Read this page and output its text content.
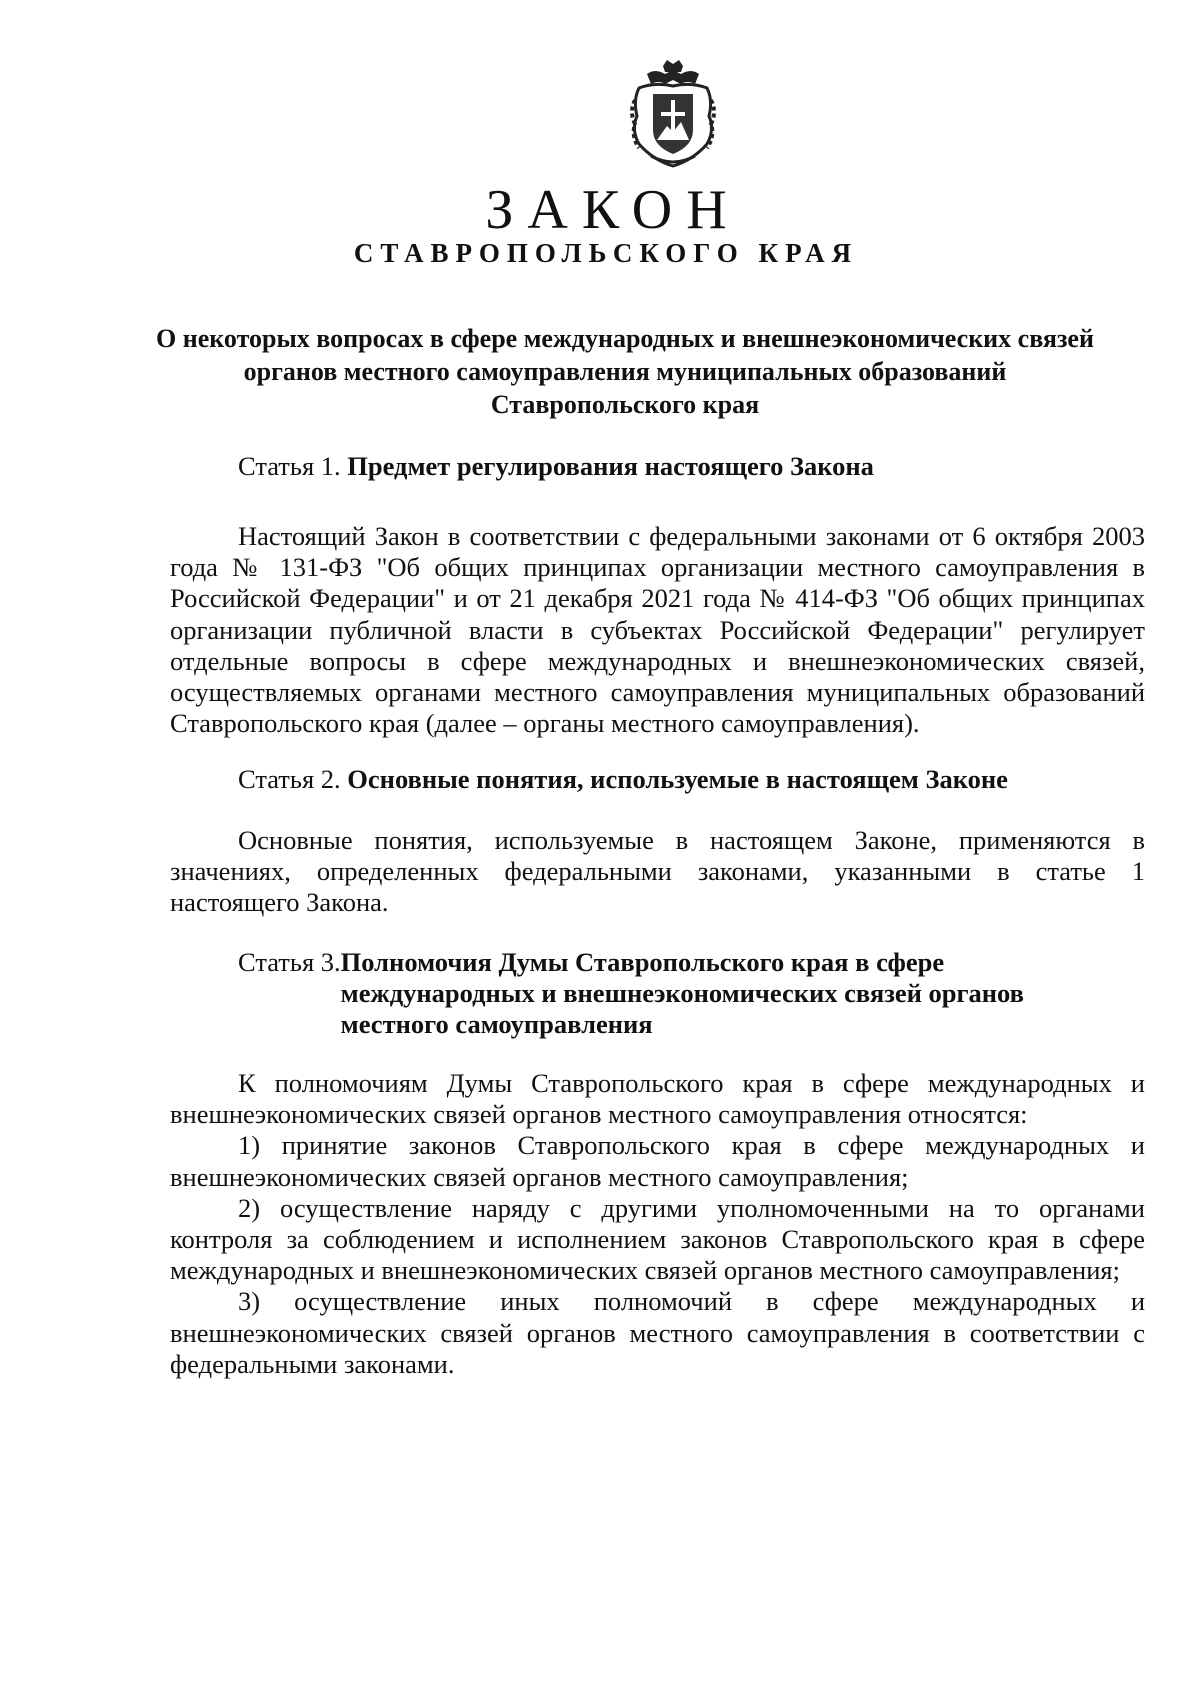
ЗАКОН
СТАВРОПОЛЬСКОГО КРАЯ
О некоторых вопросах в сфере международных и внешнеэкономических связей органов местного самоуправления муниципальных образований Ставропольского края
Статья 1. Предмет регулирования настоящего Закона

Настоящий Закон в соответствии с федеральными законами от 6 октября 2003 года № 131-ФЗ "Об общих принципах организации местного самоуправления в Российской Федерации" и от 21 декабря 2021 года № 414-ФЗ "Об общих принципах организации публичной власти в субъектах Российской Федерации" регулирует отдельные вопросы в сфере международных и внешнеэкономических связей, осуществляемых органами местного самоуправления муниципальных образований Ставропольского края (далее – органы местного самоуправления).

Статья 2. Основные понятия, используемые в настоящем Законе

Основные понятия, используемые в настоящем Законе, применяются в значениях, определенных федеральными законами, указанными в статье 1 настоящего Закона.

Статья 3. Полномочия Думы Ставропольского края в сфере международных и внешнеэкономических связей органов местного самоуправления

К полномочиям Думы Ставропольского края в сфере международных и внешнеэкономических связей органов местного самоуправления относятся:

1) принятие законов Ставропольского края в сфере международных и внешнеэкономических связей органов местного самоуправления;

2) осуществление наряду с другими уполномоченными на то органами контроля за соблюдением и исполнением законов Ставропольского края в сфере международных и внешнеэкономических связей органов местного самоуправления;

3) осуществление иных полномочий в сфере международных и внешнеэкономических связей органов местного самоуправления в соответствии с федеральными законами.
